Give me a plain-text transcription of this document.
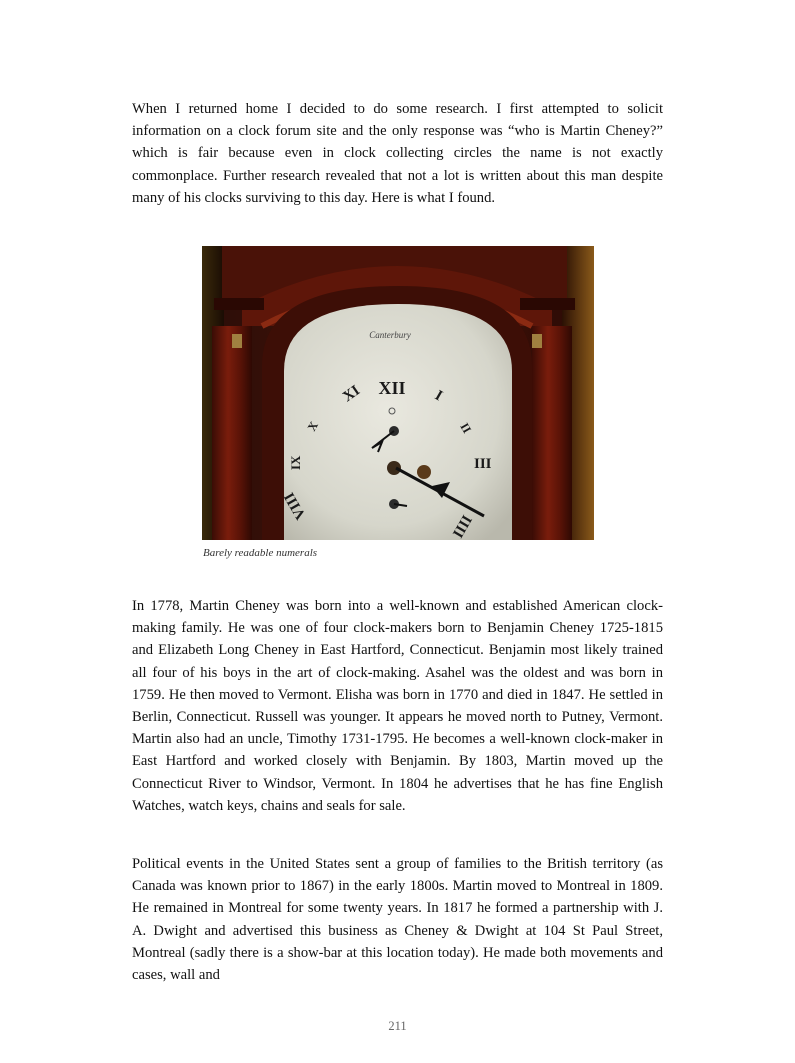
When I returned home I decided to do some research. I first attempted to solicit information on a clock forum site and the only response was “who is Martin Cheney?” which is fair because even in clock collecting circles the name is not exactly commonplace. Further research revealed that not a lot is written about this man despite many of his clocks surviving to this day. Here is what I found.

Canterbury
XII
XI	I
X	II
IX	III
VIII
IIII

Barely readable numerals

In 1778, Martin Cheney was born into a well-known and established American clock-making family. He was one of four clock-makers born to Benjamin Cheney 1725-1815 and Elizabeth Long Cheney in East Hartford, Connecticut. Benjamin most likely trained all four of his boys in the art of clock-making. Asahel was the oldest and was born in 1759. He then moved to Vermont. Elisha was born in 1770 and died in 1847. He settled in Berlin, Connecticut. Russell was younger. It appears he moved north to Putney, Vermont. Martin also had an uncle, Timothy 1731-1795. He becomes a well-known clock-maker in East Hartford and worked closely with Benjamin. By 1803, Martin moved up the Connecticut River to Windsor, Vermont. In 1804 he advertises that he has fine English Watches, watch keys, chains and seals for sale.

Political events in the United States sent a group of families to the British territory (as Canada was known prior to 1867) in the early 1800s. Martin moved to Montreal in 1809. He remained in Montreal for some twenty years. In 1817 he formed a partnership with J. A. Dwight and advertised this business as Cheney & Dwight at 104 St Paul Street, Montreal (sadly there is a show-bar at this location today). He made both movements and cases, wall and

211
